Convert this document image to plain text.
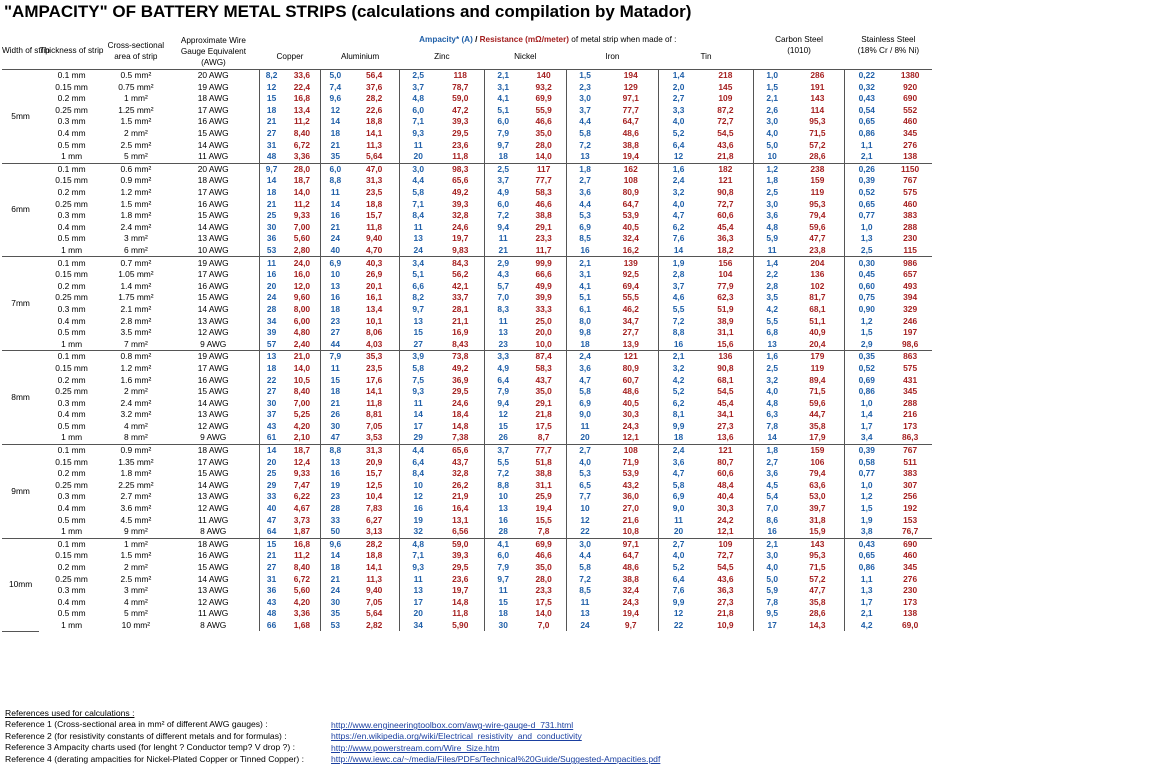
"AMPACITY" OF BATTERY METAL STRIPS (calculations and compilation by Matador)
Width of strip	Thickness of strip	Cross-sectional area of strip	Approximate Wire Gauge Equivalent (AWG)	Ampacity* (A) / Resistance (mΩ/meter) of metal strip when made of :												Carbon Steel		Stainless Steel	
				Copper		Aluminium		Zinc		Nickel		Iron		Tin		(1010)		(18% Cr / 8% Ni)	

5mm	0.1 mm	0.5 mm²	20 AWG	8,2	33,6	5,0	56,4	2,5	118	2,1	140	1,5	194	1,4	218	1,0	286	0,22	1380
	0.15 mm	0.75 mm²	19 AWG	12	22,4	7,4	37,6	3,7	78,7	3,1	93,2	2,3	129	2,0	145	1,5	191	0,32	920
	0.2 mm	1 mm²	18 AWG	15	16,8	9,6	28,2	4,8	59,0	4,1	69,9	3,0	97,1	2,7	109	2,1	143	0,43	690
	0.25 mm	1.25 mm²	17 AWG	18	13,4	12	22,6	6,0	47,2	5,1	55,9	3,7	77,7	3,3	87,2	2,6	114	0,54	552
	0.3 mm	1.5 mm²	16 AWG	21	11,2	14	18,8	7,1	39,3	6,0	46,6	4,4	64,7	4,0	72,7	3,0	95,3	0,65	460
	0.4 mm	2 mm²	15 AWG	27	8,40	18	14,1	9,3	29,5	7,9	35,0	5,8	48,6	5,2	54,5	4,0	71,5	0,86	345
	0.5 mm	2.5 mm²	14 AWG	31	6,72	21	11,3	11	23,6	9,7	28,0	7,2	38,8	6,4	43,6	5,0	57,2	1,1	276
	1 mm	5 mm²	11 AWG	48	3,36	35	5,64	20	11,8	18	14,0	13	19,4	12	21,8	10	28,6	2,1	138
6mm	0.1 mm	0.6 mm²	20 AWG	9,7	28,0	6,0	47,0	3,0	98,3	2,5	117	1,8	162	1,6	182	1,2	238	0,26	1150
	0.15 mm	0.9 mm²	18 AWG	14	18,7	8,8	31,3	4,4	65,6	3,7	77,7	2,7	108	2,4	121	1,8	159	0,39	767
	0.2 mm	1.2 mm²	17 AWG	18	14,0	11	23,5	5,8	49,2	4,9	58,3	3,6	80,9	3,2	90,8	2,5	119	0,52	575
	0.25 mm	1.5 mm²	16 AWG	21	11,2	14	18,8	7,1	39,3	6,0	46,6	4,4	64,7	4,0	72,7	3,0	95,3	0,65	460
	0.3 mm	1.8 mm²	15 AWG	25	9,33	16	15,7	8,4	32,8	7,2	38,8	5,3	53,9	4,7	60,6	3,6	79,4	0,77	383
	0.4 mm	2.4 mm²	14 AWG	30	7,00	21	11,8	11	24,6	9,4	29,1	6,9	40,5	6,2	45,4	4,8	59,6	1,0	288
	0.5 mm	3 mm²	13 AWG	36	5,60	24	9,40	13	19,7	11	23,3	8,5	32,4	7,6	36,3	5,9	47,7	1,3	230
	1 mm	6 mm²	10 AWG	53	2,80	40	4,70	24	9,83	21	11,7	16	16,2	14	18,2	11	23,8	2,5	115
7mm	0.1 mm	0.7 mm²	19 AWG	11	24,0	6,9	40,3	3,4	84,3	2,9	99,9	2,1	139	1,9	156	1,4	204	0,30	986
	0.15 mm	1.05 mm²	17 AWG	16	16,0	10	26,9	5,1	56,2	4,3	66,6	3,1	92,5	2,8	104	2,2	136	0,45	657
	0.2 mm	1.4 mm²	16 AWG	20	12,0	13	20,1	6,6	42,1	5,7	49,9	4,1	69,4	3,7	77,9	2,8	102	0,60	493
	0.25 mm	1.75 mm²	15 AWG	24	9,60	16	16,1	8,2	33,7	7,0	39,9	5,1	55,5	4,6	62,3	3,5	81,7	0,75	394
	0.3 mm	2.1 mm²	14 AWG	28	8,00	18	13,4	9,7	28,1	8,3	33,3	6,1	46,2	5,5	51,9	4,2	68,1	0,90	329
	0.4 mm	2.8 mm²	13 AWG	34	6,00	23	10,1	13	21,1	11	25,0	8,0	34,7	7,2	38,9	5,5	51,1	1,2	246
	0.5 mm	3.5 mm²	12 AWG	39	4,80	27	8,06	15	16,9	13	20,0	9,8	27,7	8,8	31,1	6,8	40,9	1,5	197
	1 mm	7 mm²	9 AWG	57	2,40	44	4,03	27	8,43	23	10,0	18	13,9	16	15,6	13	20,4	2,9	98,6
8mm	0.1 mm	0.8 mm²	19 AWG	13	21,0	7,9	35,3	3,9	73,8	3,3	87,4	2,4	121	2,1	136	1,6	179	0,35	863
	0.15 mm	1.2 mm²	17 AWG	18	14,0	11	23,5	5,8	49,2	4,9	58,3	3,6	80,9	3,2	90,8	2,5	119	0,52	575
	0.2 mm	1.6 mm²	16 AWG	22	10,5	15	17,6	7,5	36,9	6,4	43,7	4,7	60,7	4,2	68,1	3,2	89,4	0,69	431
	0.25 mm	2 mm²	15 AWG	27	8,40	18	14,1	9,3	29,5	7,9	35,0	5,8	48,6	5,2	54,5	4,0	71,5	0,86	345
	0.3 mm	2.4 mm²	14 AWG	30	7,00	21	11,8	11	24,6	9,4	29,1	6,9	40,5	6,2	45,4	4,8	59,6	1,0	288
	0.4 mm	3.2 mm²	13 AWG	37	5,25	26	8,81	14	18,4	12	21,8	9,0	30,3	8,1	34,1	6,3	44,7	1,4	216
	0.5 mm	4 mm²	12 AWG	43	4,20	30	7,05	17	14,8	15	17,5	11	24,3	9,9	27,3	7,8	35,8	1,7	173
	1 mm	8 mm²	9 AWG	61	2,10	47	3,53	29	7,38	26	8,7	20	12,1	18	13,6	14	17,9	3,4	86,3
9mm	0.1 mm	0.9 mm²	18 AWG	14	18,7	8,8	31,3	4,4	65,6	3,7	77,7	2,7	108	2,4	121	1,8	159	0,39	767
	0.15 mm	1.35 mm²	17 AWG	20	12,4	13	20,9	6,4	43,7	5,5	51,8	4,0	71,9	3,6	80,7	2,7	106	0,58	511
	0.2 mm	1.8 mm²	15 AWG	25	9,33	16	15,7	8,4	32,8	7,2	38,8	5,3	53,9	4,7	60,6	3,6	79,4	0,77	383
	0.25 mm	2.25 mm²	14 AWG	29	7,47	19	12,5	10	26,2	8,8	31,1	6,5	43,2	5,8	48,4	4,5	63,6	1,0	307
	0.3 mm	2.7 mm²	13 AWG	33	6,22	23	10,4	12	21,9	10	25,9	7,7	36,0	6,9	40,4	5,4	53,0	1,2	256
	0.4 mm	3.6 mm²	12 AWG	40	4,67	28	7,83	16	16,4	13	19,4	10	27,0	9,0	30,3	7,0	39,7	1,5	192
	0.5 mm	4.5 mm²	11 AWG	47	3,73	33	6,27	19	13,1	16	15,5	12	21,6	11	24,2	8,6	31,8	1,9	153
	1 mm	9 mm²	8 AWG	64	1,87	50	3,13	32	6,56	28	7,8	22	10,8	20	12,1	16	15,9	3,8	76,7
10mm	0.1 mm	1 mm²	18 AWG	15	16,8	9,6	28,2	4,8	59,0	4,1	69,9	3,0	97,1	2,7	109	2,1	143	0,43	690
	0.15 mm	1.5 mm²	16 AWG	21	11,2	14	18,8	7,1	39,3	6,0	46,6	4,4	64,7	4,0	72,7	3,0	95,3	0,65	460
	0.2 mm	2 mm²	15 AWG	27	8,40	18	14,1	9,3	29,5	7,9	35,0	5,8	48,6	5,2	54,5	4,0	71,5	0,86	345
	0.25 mm	2.5 mm²	14 AWG	31	6,72	21	11,3	11	23,6	9,7	28,0	7,2	38,8	6,4	43,6	5,0	57,2	1,1	276
	0.3 mm	3 mm²	13 AWG	36	5,60	24	9,40	13	19,7	11	23,3	8,5	32,4	7,6	36,3	5,9	47,7	1,3	230
	0.4 mm	4 mm²	12 AWG	43	4,20	30	7,05	17	14,8	15	17,5	11	24,3	9,9	27,3	7,8	35,8	1,7	173
	0.5 mm	5 mm²	11 AWG	48	3,36	35	5,64	20	11,8	18	14,0	13	19,4	12	21,8	9,5	28,6	2,1	138
	1 mm	10 mm²	8 AWG	66	1,68	53	2,82	34	5,90	30	7,0	24	9,7	22	10,9	17	14,3	4,2	69,0
References used for calculations :
Reference 1 (Cross-sectional area in mm² of different AWG gauges) :
Reference 2 (for resistivity constants of different metals and for formulas) :
Reference 3 Ampacity charts used (for lenght ? Conductor temp? V drop ?) :
Reference 4 (derating ampacities for Nickel-Plated Copper or Tinned Copper) :
http://www.engineeringtoolbox.com/awg-wire-gauge-d_731.html
https://en.wikipedia.org/wiki/Electrical_resistivity_and_conductivity
http://www.powerstream.com/Wire_Size.htm
http://www.iewc.ca/~/media/Files/PDFs/Technical%20Guide/Suggested-Ampacities.pdf
